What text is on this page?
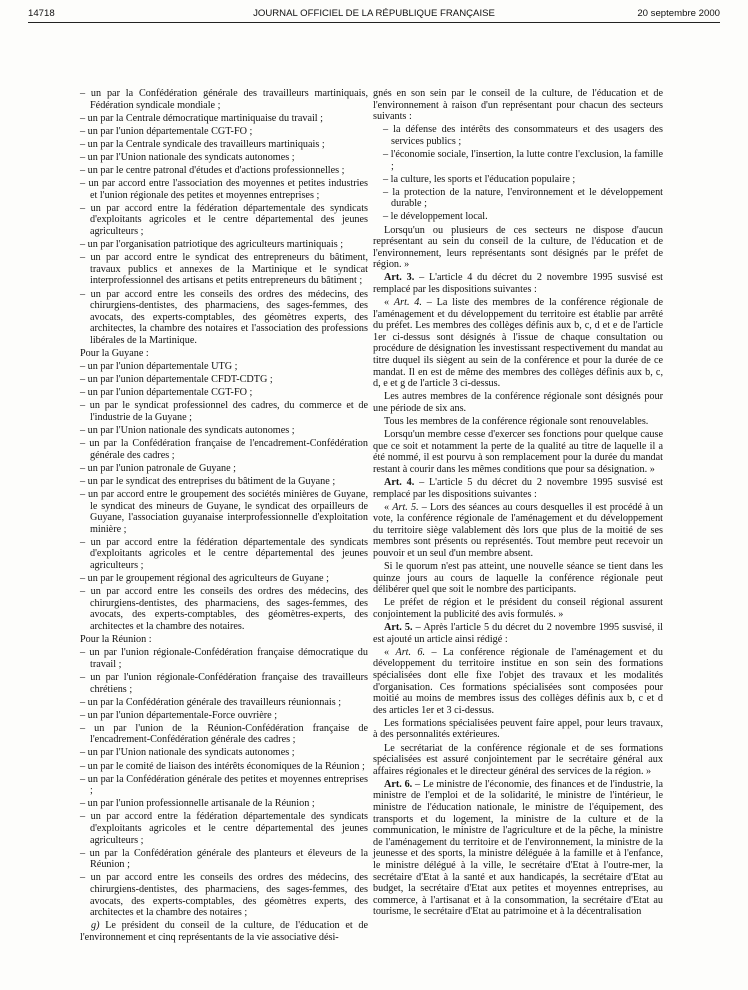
14718	JOURNAL OFFICIEL DE LA RÉPUBLIQUE FRANÇAISE	20 septembre 2000

– un par la Confédération générale des travailleurs martiniquais, Fédération syndicale mondiale ;

– un par la Centrale démocratique martiniquaise du travail ;

– un par l'union départementale CGT-FO ;

– un par la Centrale syndicale des travailleurs martiniquais ;

– un par l'Union nationale des syndicats autonomes ;

– un par le centre patronal d'études et d'actions professionnelles ;

– un par accord entre l'association des moyennes et petites industries et l'union régionale des petites et moyennes entreprises ;

– un par accord entre la fédération départementale des syndicats d'exploitants agricoles et le centre départemental des jeunes agriculteurs ;

– un par l'organisation patriotique des agriculteurs martiniquais ;

– un par accord entre le syndicat des entrepreneurs du bâtiment, travaux publics et annexes de la Martinique et le syndicat interprofessionnel des artisans et petits entrepreneurs du bâtiment ;

– un par accord entre les conseils des ordres des médecins, des chirurgiens-dentistes, des pharmaciens, des sages-femmes, des avocats, des experts-comptables, des géomètres experts, des architectes, la chambre des notaires et l'association des professions libérales de la Martinique.

Pour la Guyane :

– un par l'union départementale UTG ;

– un par l'union départementale CFDT-CDTG ;

– un par l'union départementale CGT-FO ;

– un par le syndicat professionnel des cadres, du commerce et de l'industrie de la Guyane ;

– un par l'Union nationale des syndicats autonomes ;

– un par la Confédération française de l'encadrement-Confédération générale des cadres ;

– un par l'union patronale de Guyane ;

– un par le syndicat des entreprises du bâtiment de la Guyane ;

– un par accord entre le groupement des sociétés minières de Guyane, le syndicat des mineurs de Guyane, le syndicat des orpailleurs de Guyane, l'association guyanaise interprofessionnelle d'exploitation minière ;

– un par accord entre la fédération départementale des syndicats d'exploitants agricoles et le centre départemental des jeunes agriculteurs ;

– un par le groupement régional des agriculteurs de Guyane ;

– un par accord entre les conseils des ordres des médecins, des chirurgiens-dentistes, des pharmaciens, des sages-femmes, des avocats, des experts-comptables, des géomètres-experts, des architectes et la chambre des notaires.

Pour la Réunion :

– un par l'union régionale-Confédération française démocratique du travail ;

– un par l'union régionale-Confédération française des travailleurs chrétiens ;

– un par la Confédération générale des travailleurs réunionnais ;

– un par l'union départementale-Force ouvrière ;

– un par l'union de la Réunion-Confédération française de l'encadrement-Confédération générale des cadres ;

– un par l'Union nationale des syndicats autonomes ;

– un par le comité de liaison des intérêts économiques de la Réunion ;

– un par la Confédération générale des petites et moyennes entreprises ;

– un par l'union professionnelle artisanale de la Réunion ;

– un par accord entre la fédération départementale des syndicats d'exploitants agricoles et le centre départemental des jeunes agriculteurs ;

– un par la Confédération générale des planteurs et éleveurs de la Réunion ;

– un par accord entre les conseils des ordres des médecins, des chirurgiens-dentistes, des pharmaciens, des sages-femmes, des avocats, des experts-comptables, des géomètres experts, des architectes et la chambre des notaires ;

g) Le président du conseil de la culture, de l'éducation et de l'environnement et cinq représentants de la vie associative dési-

gnés en son sein par le conseil de la culture, de l'éducation et de l'environnement à raison d'un représentant pour chacun des secteurs suivants :

– la défense des intérêts des consommateurs et des usagers des services publics ;

– l'économie sociale, l'insertion, la lutte contre l'exclusion, la famille ;

– la culture, les sports et l'éducation populaire ;

– la protection de la nature, l'environnement et le développement durable ;

– le développement local.

Lorsqu'un ou plusieurs de ces secteurs ne dispose d'aucun représentant au sein du conseil de la culture, de l'éducation et de l'environnement, leurs représentants sont désignés par le préfet de région. »

Art. 3. – L'article 4 du décret du 2 novembre 1995 susvisé est remplacé par les dispositions suivantes :

« Art. 4. – La liste des membres de la conférence régionale de l'aménagement et du développement du territoire est établie par arrêté du préfet. Les membres des collèges définis aux b, c, d et e de l'article 1er ci-dessus sont désignés à l'issue de chaque consultation ou procédure de désignation les investissant respectivement du mandat au titre duquel ils siègent au sein de la conférence et pour la durée de ce mandat. Il en est de même des membres des collèges définis aux b, c, d, e et g de l'article 3 ci-dessus.

Les autres membres de la conférence régionale sont désignés pour une période de six ans.

Tous les membres de la conférence régionale sont renouvelables.

Lorsqu'un membre cesse d'exercer ses fonctions pour quelque cause que ce soit et notamment la perte de la qualité au titre de laquelle il a été nommé, il est pourvu à son remplacement pour la durée du mandat restant à courir dans les mêmes conditions que pour sa désignation. »

Art. 4. – L'article 5 du décret du 2 novembre 1995 susvisé est remplacé par les dispositions suivantes :

« Art. 5. – Lors des séances au cours desquelles il est procédé à un vote, la conférence régionale de l'aménagement et du développement du territoire siège valablement dès lors que plus de la moitié de ses membres sont présents ou représentés. Tout membre peut recevoir un pouvoir et un seul d'un membre absent.

Si le quorum n'est pas atteint, une nouvelle séance se tient dans les quinze jours au cours de laquelle la conférence régionale peut délibérer quel que soit le nombre des participants.

Le préfet de région et le président du conseil régional assurent conjointement la publicité des avis formulés. »

Art. 5. – Après l'article 5 du décret du 2 novembre 1995 susvisé, il est ajouté un article ainsi rédigé :

« Art. 6. – La conférence régionale de l'aménagement et du développement du territoire institue en son sein des formations spécialisées dont elle fixe l'objet des travaux et les modalités d'organisation. Ces formations spécialisées sont composées pour moitié au moins de membres issus des collèges définis aux b, c et d des articles 1er et 3 ci-dessus.

Les formations spécialisées peuvent faire appel, pour leurs travaux, à des personnalités extérieures.

Le secrétariat de la conférence régionale et de ses formations spécialisées est assuré conjointement par le secrétaire général aux affaires régionales et le directeur général des services de la région. »

Art. 6. – Le ministre de l'économie, des finances et de l'industrie, la ministre de l'emploi et de la solidarité, le ministre de l'intérieur, le ministre de l'éducation nationale, le ministre de l'équipement, des transports et du logement, la ministre de la culture et de la communication, le ministre de l'agriculture et de la pêche, la ministre de l'aménagement du territoire et de l'environnement, la ministre de la jeunesse et des sports, la ministre déléguée à la famille et à l'enfance, le ministre délégué à la ville, le secrétaire d'Etat à l'outre-mer, la secrétaire d'Etat à la santé et aux handicapés, la secrétaire d'Etat au budget, la secrétaire d'Etat aux petites et moyennes entreprises, au commerce, à l'artisanat et à la consommation, la secrétaire d'Etat au tourisme, le secrétaire d'Etat au patrimoine et à la décentralisation
